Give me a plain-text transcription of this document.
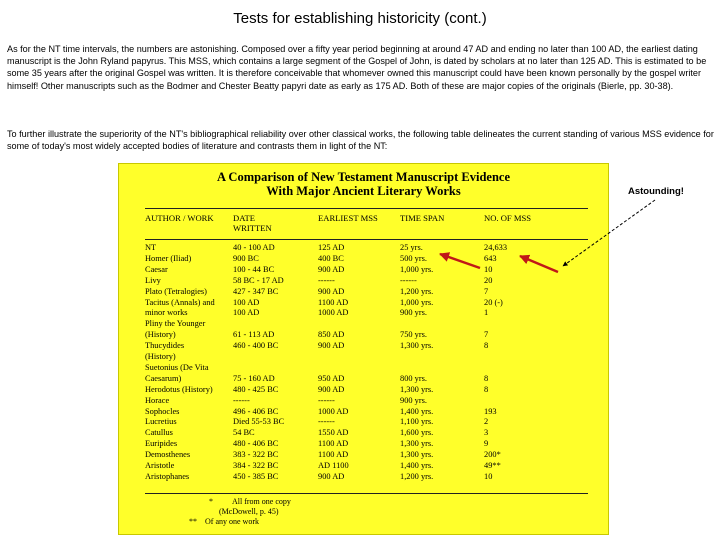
Tests for establishing historicity (cont.)

As for the NT time intervals, the numbers are astonishing. Composed over a fifty year period beginning at around 47 AD and ending no later than 100 AD, the earliest dating manuscript is the John Ryland papyrus. This MSS, which contains a large segment of the Gospel of John, is dated by scholars at no later than 125 AD. This is estimated to be some 35 years after the original Gospel was written. It is therefore conceivable that whomever owned this manuscript could have been known personally by the gospel writer himself! Other manuscripts such as the Bodmer and Chester Beatty papyri date as early as 175 AD. Both of these are major copies of the originals (Bierle, pp. 30-38).

To further illustrate the superiority of the NT's bibliographical reliability over other classical works, the following table delineates the current standing of various MSS evidence for some of today's most widely accepted bodies of literature and contrasts them in light of the NT:

A Comparison of New Testament Manuscript Evidence
With Major Ancient Literary Works
AUTHOR / WORK DATE
WRITTEN
EARLIEST MSS	TIME SPAN	NO. OF MSS
NT	40 - 100 AD	125 AD	25 yrs.	24,633
Homer (Iliad)	900 BC	400 BC	500 yrs.	643
Caesar	100 - 44 BC	900 AD	1,000 yrs.	10
Livy	58 BC - 17 AD	------	------	20
Plato (Tetralogies)	427 - 347 BC	900 AD	1,200 yrs.	7
Tacitus (Annals) and 100 AD	1100 AD	1,000 yrs.	20 (-)
minor works	100 AD	1000 AD	900 yrs.	1
Pliny the Younger
(History)	61 - 113 AD	850 AD	750 yrs.	7
Thucydides	460 - 400 BC	900 AD	1,300 yrs.	8
(History)
Suetonius (De Vita
Caesarum)	75 - 160 AD	950 AD	800 yrs.	8
Herodotus (History) 480 - 425 BC	900 AD	1,300 yrs.	8
Horace	------	------	900 yrs.
Sophocles	496 - 406 BC	1000 AD	1,400 yrs.	193
Lucretius	Died 55-53 BC	------	1,100 yrs.	2
Catullus	54 BC	1550 AD	1,600 yrs.	3
Euripides	480 - 406 BC	1100 AD	1,300 yrs.	9
Demosthenes	383 - 322 BC	1100 AD	1,300 yrs.	200*
Aristotle	384 - 322 BC	AD 1100	1,400 yrs.	49**
Aristophanes	450 - 385 BC	900 AD	1,200 yrs.	10
* All from one copy
(McDowell, p. 45)
** Of any one work
Astounding!
